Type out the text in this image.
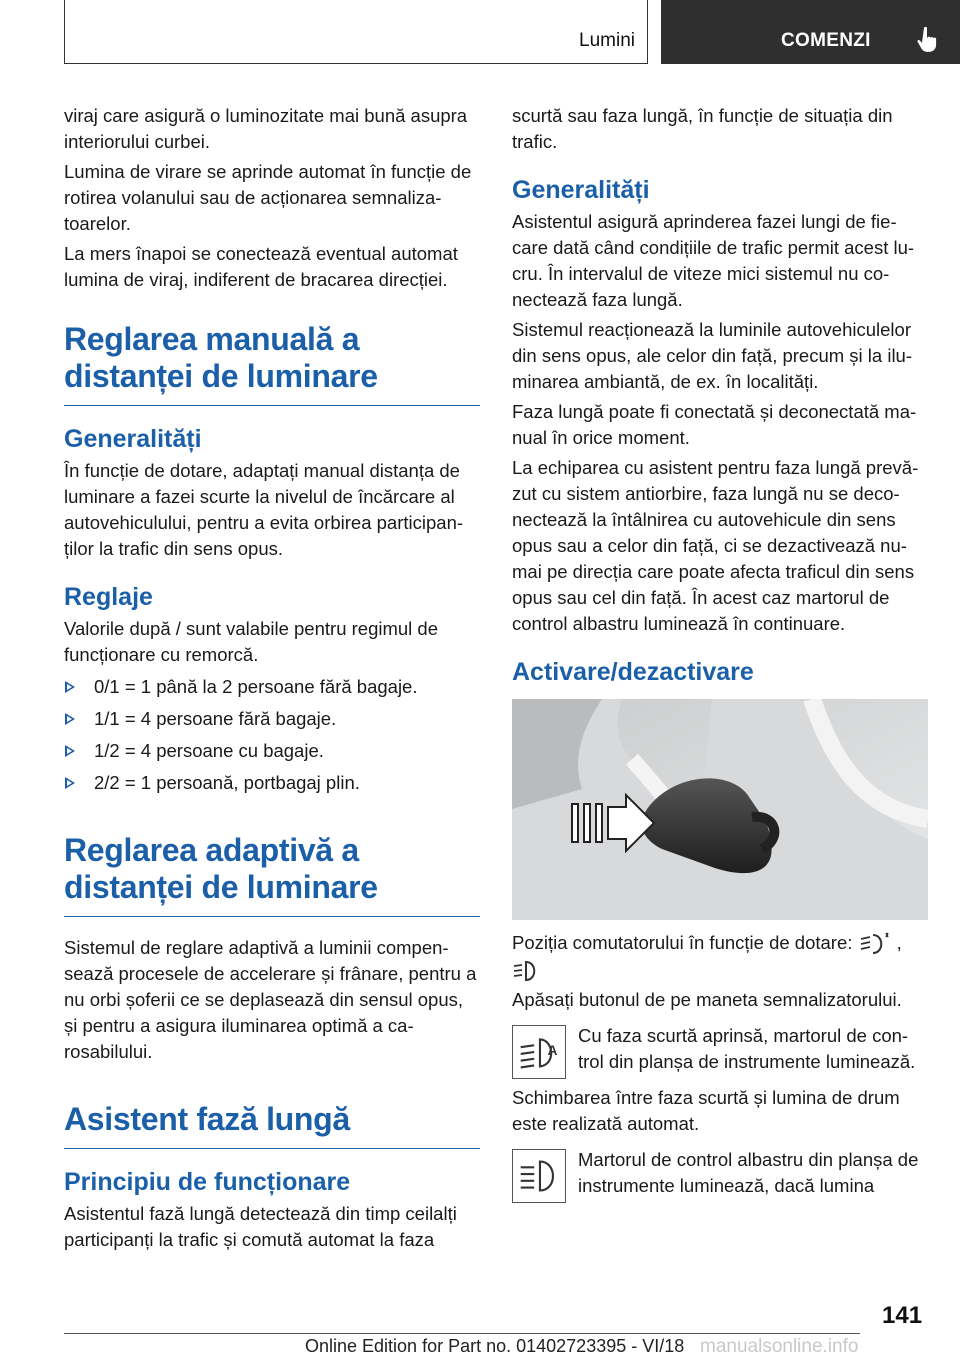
Lumini	COMENZI

viraj care asigură o luminozitate mai bună asupra interiorului curbei.

Lumina de virare se aprinde automat în funcție de rotirea volanului sau de acționarea semnaliza‐toarelor.

La mers înapoi se conectează eventual automat lumina de viraj, indiferent de bracarea direcției.

Reglarea manuală a distanței de luminare
Generalități

În funcție de dotare, adaptați manual distanța de luminare a fazei scurte la nivelul de încărcare al autovehiculului, pentru a evita orbirea participan‐ților la trafic din sens opus.

Reglaje

Valorile după / sunt valabile pentru regimul de funcționare cu remorcă.

0/1 = 1 până la 2 persoane fără bagaje.
1/1 = 4 persoane fără bagaje.
1/2 = 4 persoane cu bagaje.
2/2 = 1 persoană, portbagaj plin.
Reglarea adaptivă a distanței de luminare

Sistemul de reglare adaptivă a luminii compen‐sează procesele de accelerare și frânare, pentru a nu orbi șoferii ce se deplasează din sensul opus, și pentru a asigura iluminarea optimă a ca‐rosabilului.

Asistent fază lungă
Principiu de funcționare

Asistentul fază lungă detectează din timp ceilalți participanți la trafic și comută automat la faza

scurtă sau faza lungă, în funcție de situația din trafic.

Generalități

Asistentul asigură aprinderea fazei lungi de fie‐care dată când condițiile de trafic permit acest lu‐cru. În intervalul de viteze mici sistemul nu co‐nectează faza lungă.

Sistemul reacționează la luminile autovehiculelor din sens opus, ale celor din față, precum și la ilu‐minarea ambiantă, de ex. în localități.

Faza lungă poate fi conectată și deconectată ma‐nual în orice moment.

La echiparea cu asistent pentru faza lungă prevă‐zut cu sistem antiorbire, faza lungă nu se deco‐nectează la întâlnirea cu autovehicule din sens opus sau a celor din față, ci se dezactivează nu‐mai pe direcția care poate afecta traficul din sens opus sau cel din față. În acest caz martorul de control albastru luminează în continuare.

Activare/dezactivare

Poziția comutatorului în funcție de dotare: ,

Apăsați butonul de pe maneta semnalizatorului.

A

Cu faza scurtă aprinsă, martorul de con‐trol din planșa de instrumente luminează.

Schimbarea între faza scurtă și lumina de drum este realizată automat.

Martorul de control albastru din planșa de instrumente luminează, dacă lumina

141
Online Edition for Part no. 01402723395 - VI/18 manualsonline.info
